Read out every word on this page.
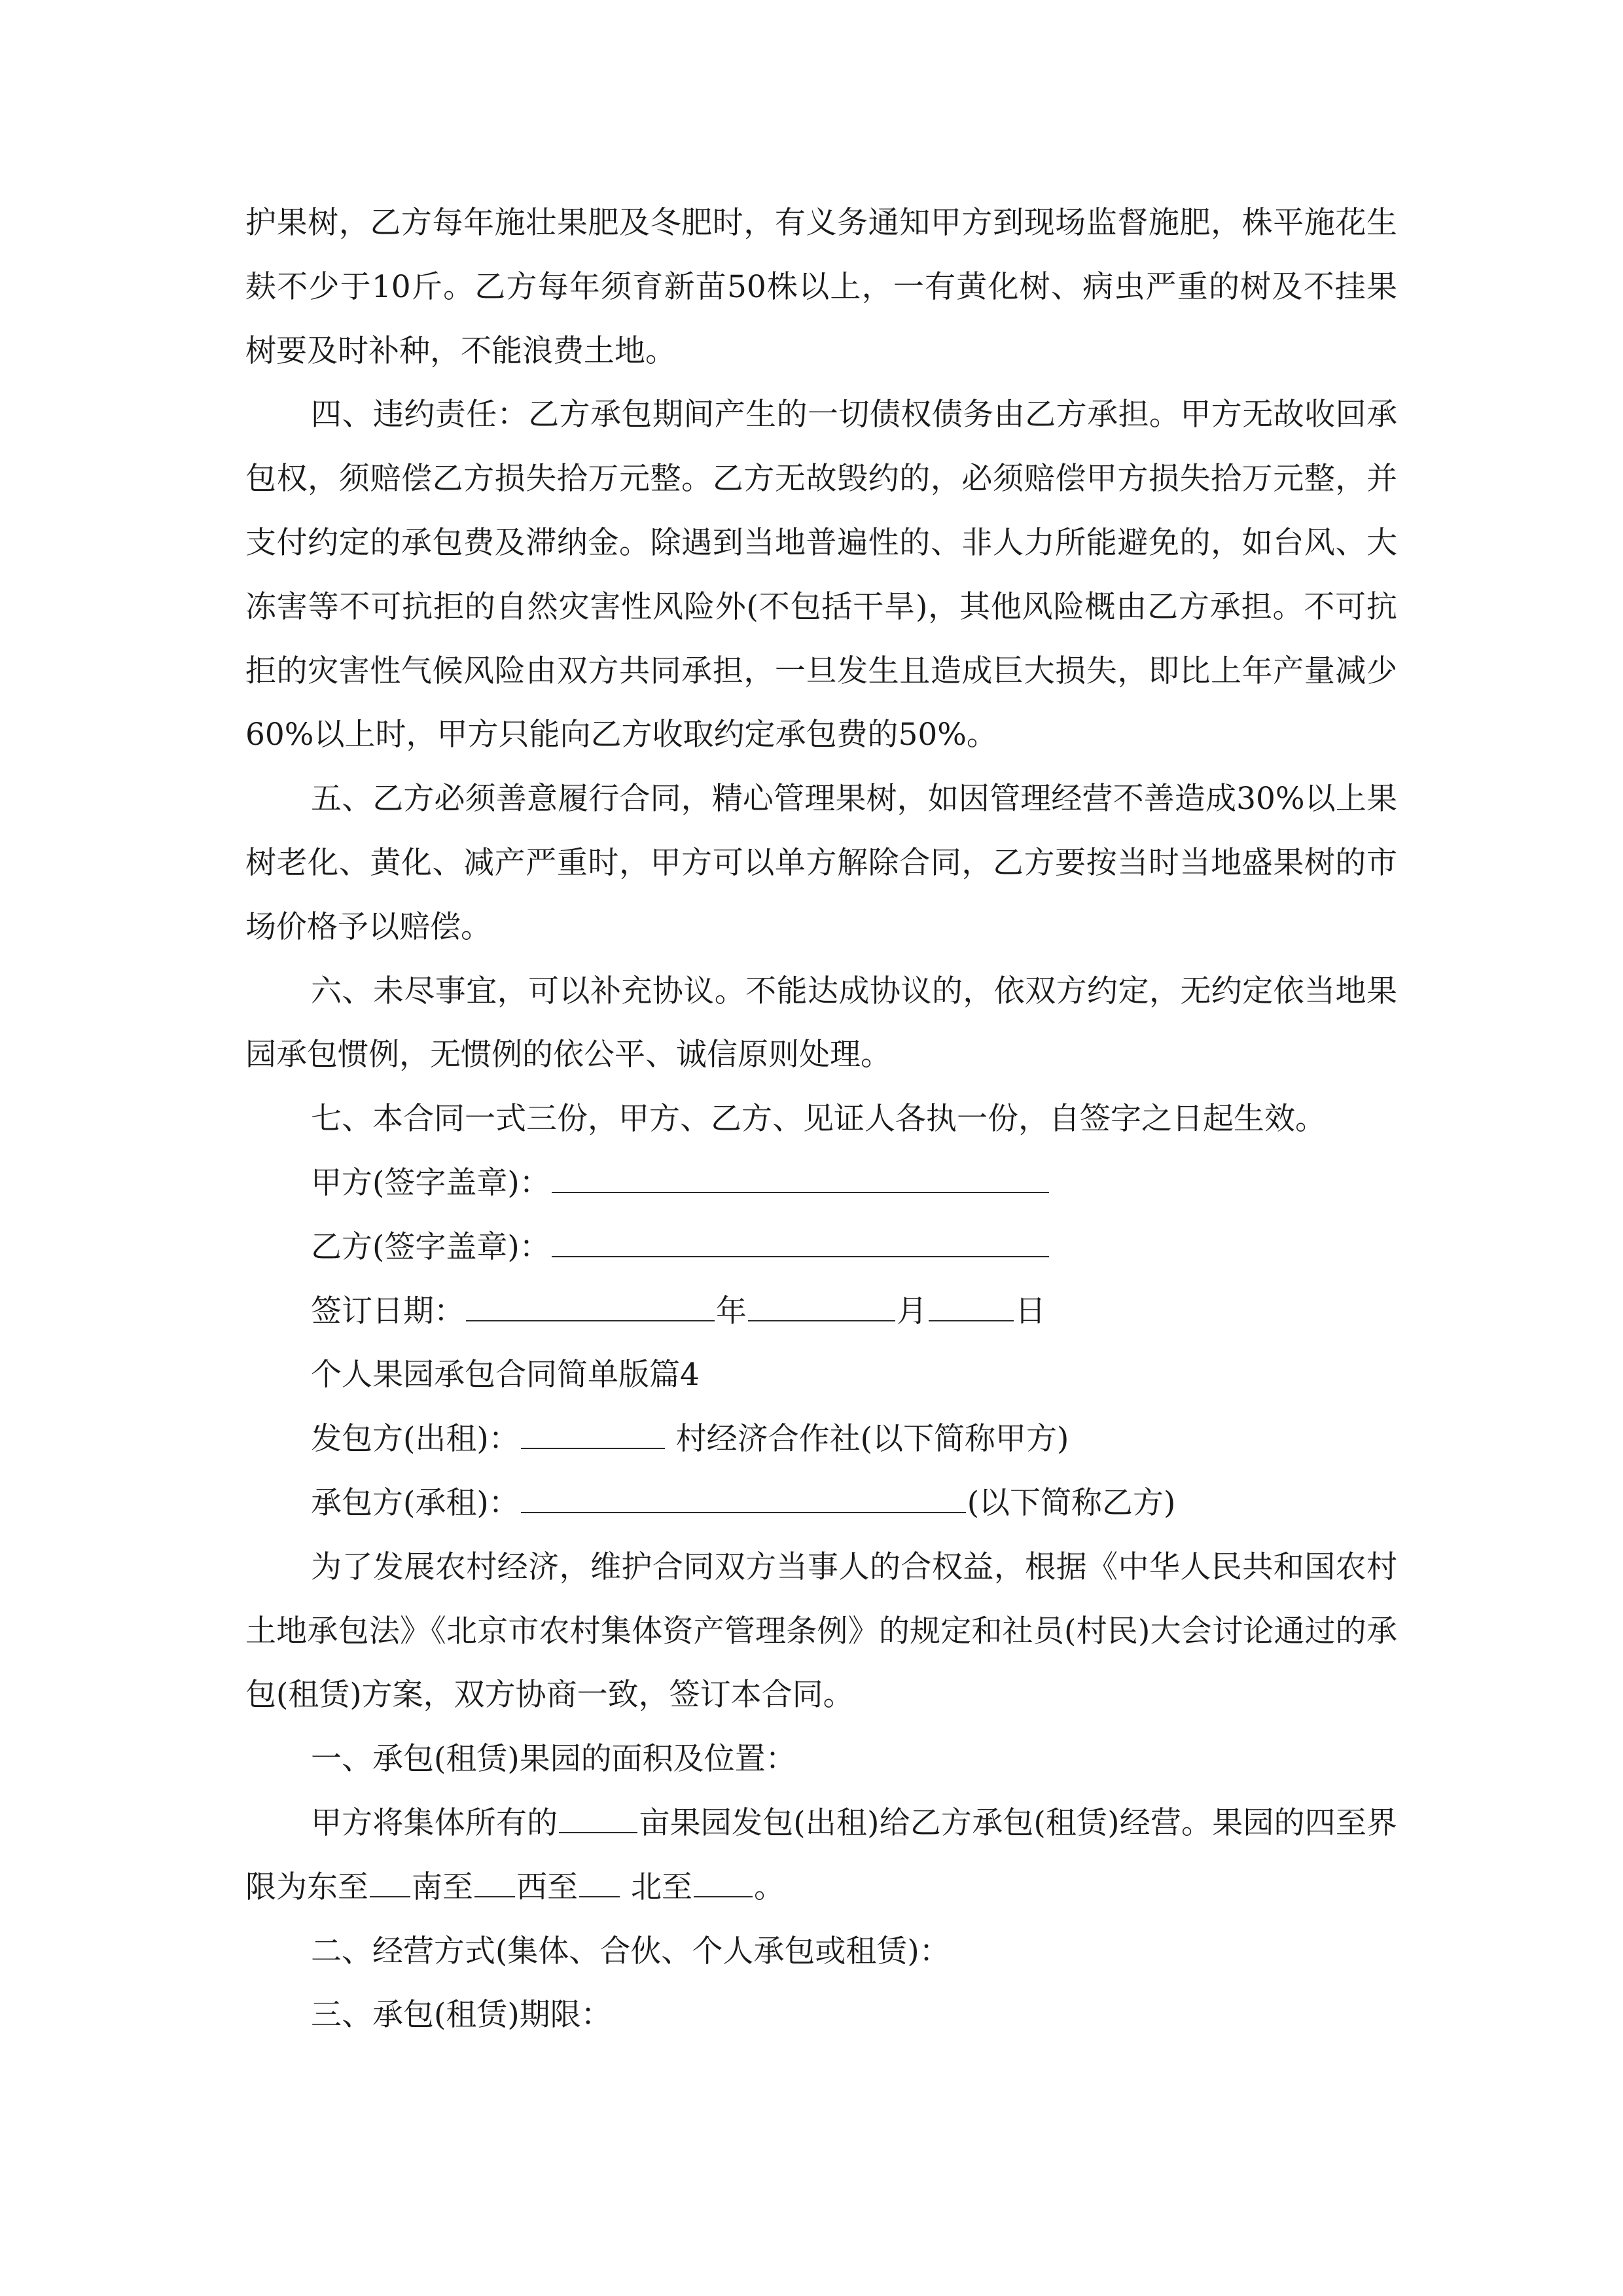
护果树，乙方每年施壮果肥及冬肥时，有义务通知甲方到现场监督施肥，株平施花生麸不少于10斤。乙方每年须育新苗50株以上，一有黄化树、病虫严重的树及不挂果树要及时补种，不能浪费土地。

四、违约责任：乙方承包期间产生的一切债权债务由乙方承担。甲方无故收回承包权，须赔偿乙方损失拾万元整。乙方无故毁约的，必须赔偿甲方损失拾万元整，并支付约定的承包费及滞纳金。除遇到当地普遍性的、非人力所能避免的，如台风、大冻害等不可抗拒的自然灾害性风险外(不包括干旱)，其他风险概由乙方承担。不可抗拒的灾害性气候风险由双方共同承担，一旦发生且造成巨大损失，即比上年产量减少60%以上时，甲方只能向乙方收取约定承包费的50%。

五、乙方必须善意履行合同，精心管理果树，如因管理经营不善造成30%以上果树老化、黄化、减产严重时，甲方可以单方解除合同，乙方要按当时当地盛果树的市场价格予以赔偿。

六、未尽事宜，可以补充协议。不能达成协议的，依双方约定，无约定依当地果园承包惯例，无惯例的依公平、诚信原则处理。

七、本合同一式三份，甲方、乙方、见证人各执一份，自签字之日起生效。

甲方(签字盖章)：

乙方(签字盖章)：

签订日期：	年	月	日

个人果园承包合同简单版篇4

发包方(出租)：	村经济合作社(以下简称甲方)

承包方(承租)：	(以下简称乙方)

为了发展农村经济，维护合同双方当事人的合权益，根据《中华人民共和国农村土地承包法》《北京市农村集体资产管理条例》的规定和社员(村民)大会讨论通过的承包(租赁)方案，双方协商一致，签订本合同。

一、承包(租赁)果园的面积及位置：

甲方将集体所有的	亩果园发包(出租)给乙方承包(租赁)经营。果园的四至界限为东至 南至 西至 北至 。

二、经营方式(集体、合伙、个人承包或租赁)：

三、承包(租赁)期限：
